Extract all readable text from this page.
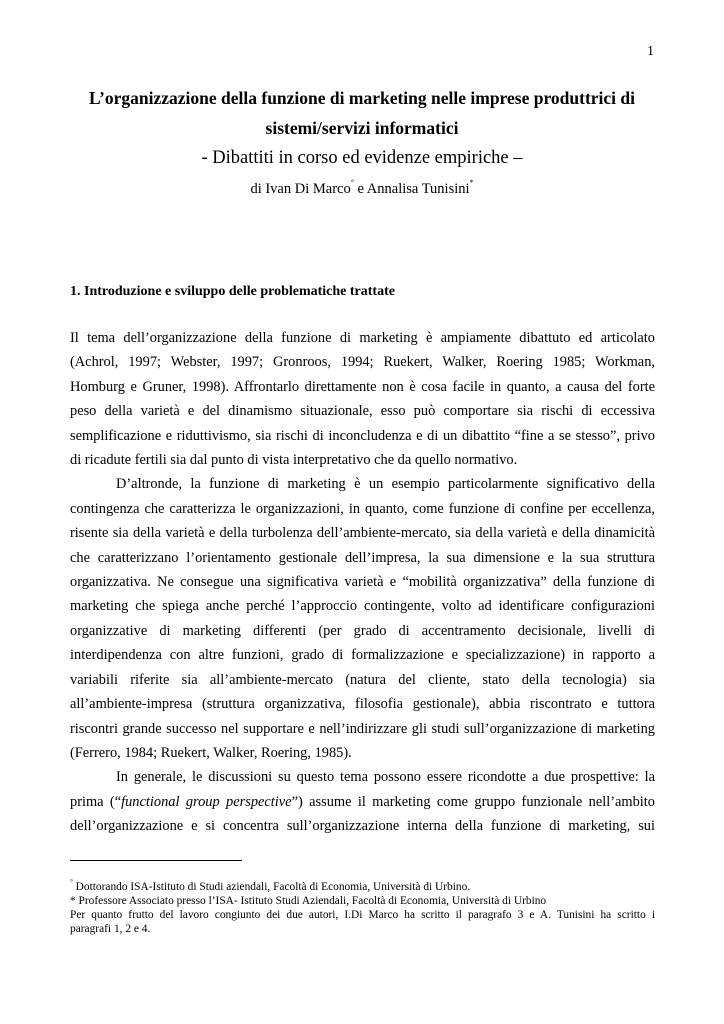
1
L’organizzazione della funzione di marketing nelle imprese produttrici di
sistemi/servizi informatici
- Dibattiti in corso ed evidenze empiriche –
di Ivan Di Marco° e Annalisa Tunisini*
1. Introduzione e sviluppo delle problematiche trattate
Il tema dell’organizzazione della funzione di marketing è ampiamente dibattuto ed articolato
(Achrol, 1997; Webster, 1997; Gronroos, 1994; Ruekert, Walker, Roering 1985; Workman,
Homburg e Gruner, 1998). Affrontarlo direttamente non è cosa facile in quanto, a causa del forte
peso della varietà e del dinamismo situazionale, esso può comportare sia rischi di eccessiva
semplificazione e riduttivismo, sia rischi di inconcludenza e di un dibattito “fine a se stesso”, privo
di ricadute fertili sia dal punto di vista interpretativo che da quello normativo.
D’altronde, la funzione di marketing è un esempio particolarmente significativo della
contingenza che caratterizza le organizzazioni, in quanto, come funzione di confine per eccellenza,
risente sia della varietà e della turbolenza dell’ambiente-mercato, sia della varietà e della dinamicità
che caratterizzano l’orientamento gestionale dell’impresa, la sua dimensione e la sua struttura
organizzativa. Ne consegue una significativa varietà e “mobilità organizzativa” della funzione di
marketing che spiega anche perché l’approccio contingente, volto ad identificare configurazioni
organizzative di marketing differenti (per grado di accentramento decisionale, livelli di
interdipendenza con altre funzioni, grado di formalizzazione e specializzazione) in rapporto a
variabili riferite sia all’ambiente-mercato (natura del cliente, stato della tecnologia) sia
all’ambiente-impresa (struttura organizzativa, filosofia gestionale), abbia riscontrato e tuttora
riscontri grande successo nel supportare e nell’indirizzare gli studi sull’organizzazione di marketing
(Ferrero, 1984; Ruekert, Walker, Roering, 1985).
In generale, le discussioni su questo tema possono essere ricondotte a due prospettive: la
prima (“functional group perspective”) assume il marketing come gruppo funzionale nell’ambito
dell’organizzazione e si concentra sull’organizzazione interna della funzione di marketing, sui

° Dottorando ISA-Istituto di Studi aziendali, Facoltà di Economia, Università di Urbino.

* Professore Associato presso l’ISA- Istituto Studi Aziendali, Facoltà di Economia, Università di Urbino

Per quanto frutto del lavoro congiunto dei due autori, I.Di Marco ha scritto il paragrafo 3 e A. Tunisini ha scritto i
paragrafi 1, 2 e 4.
